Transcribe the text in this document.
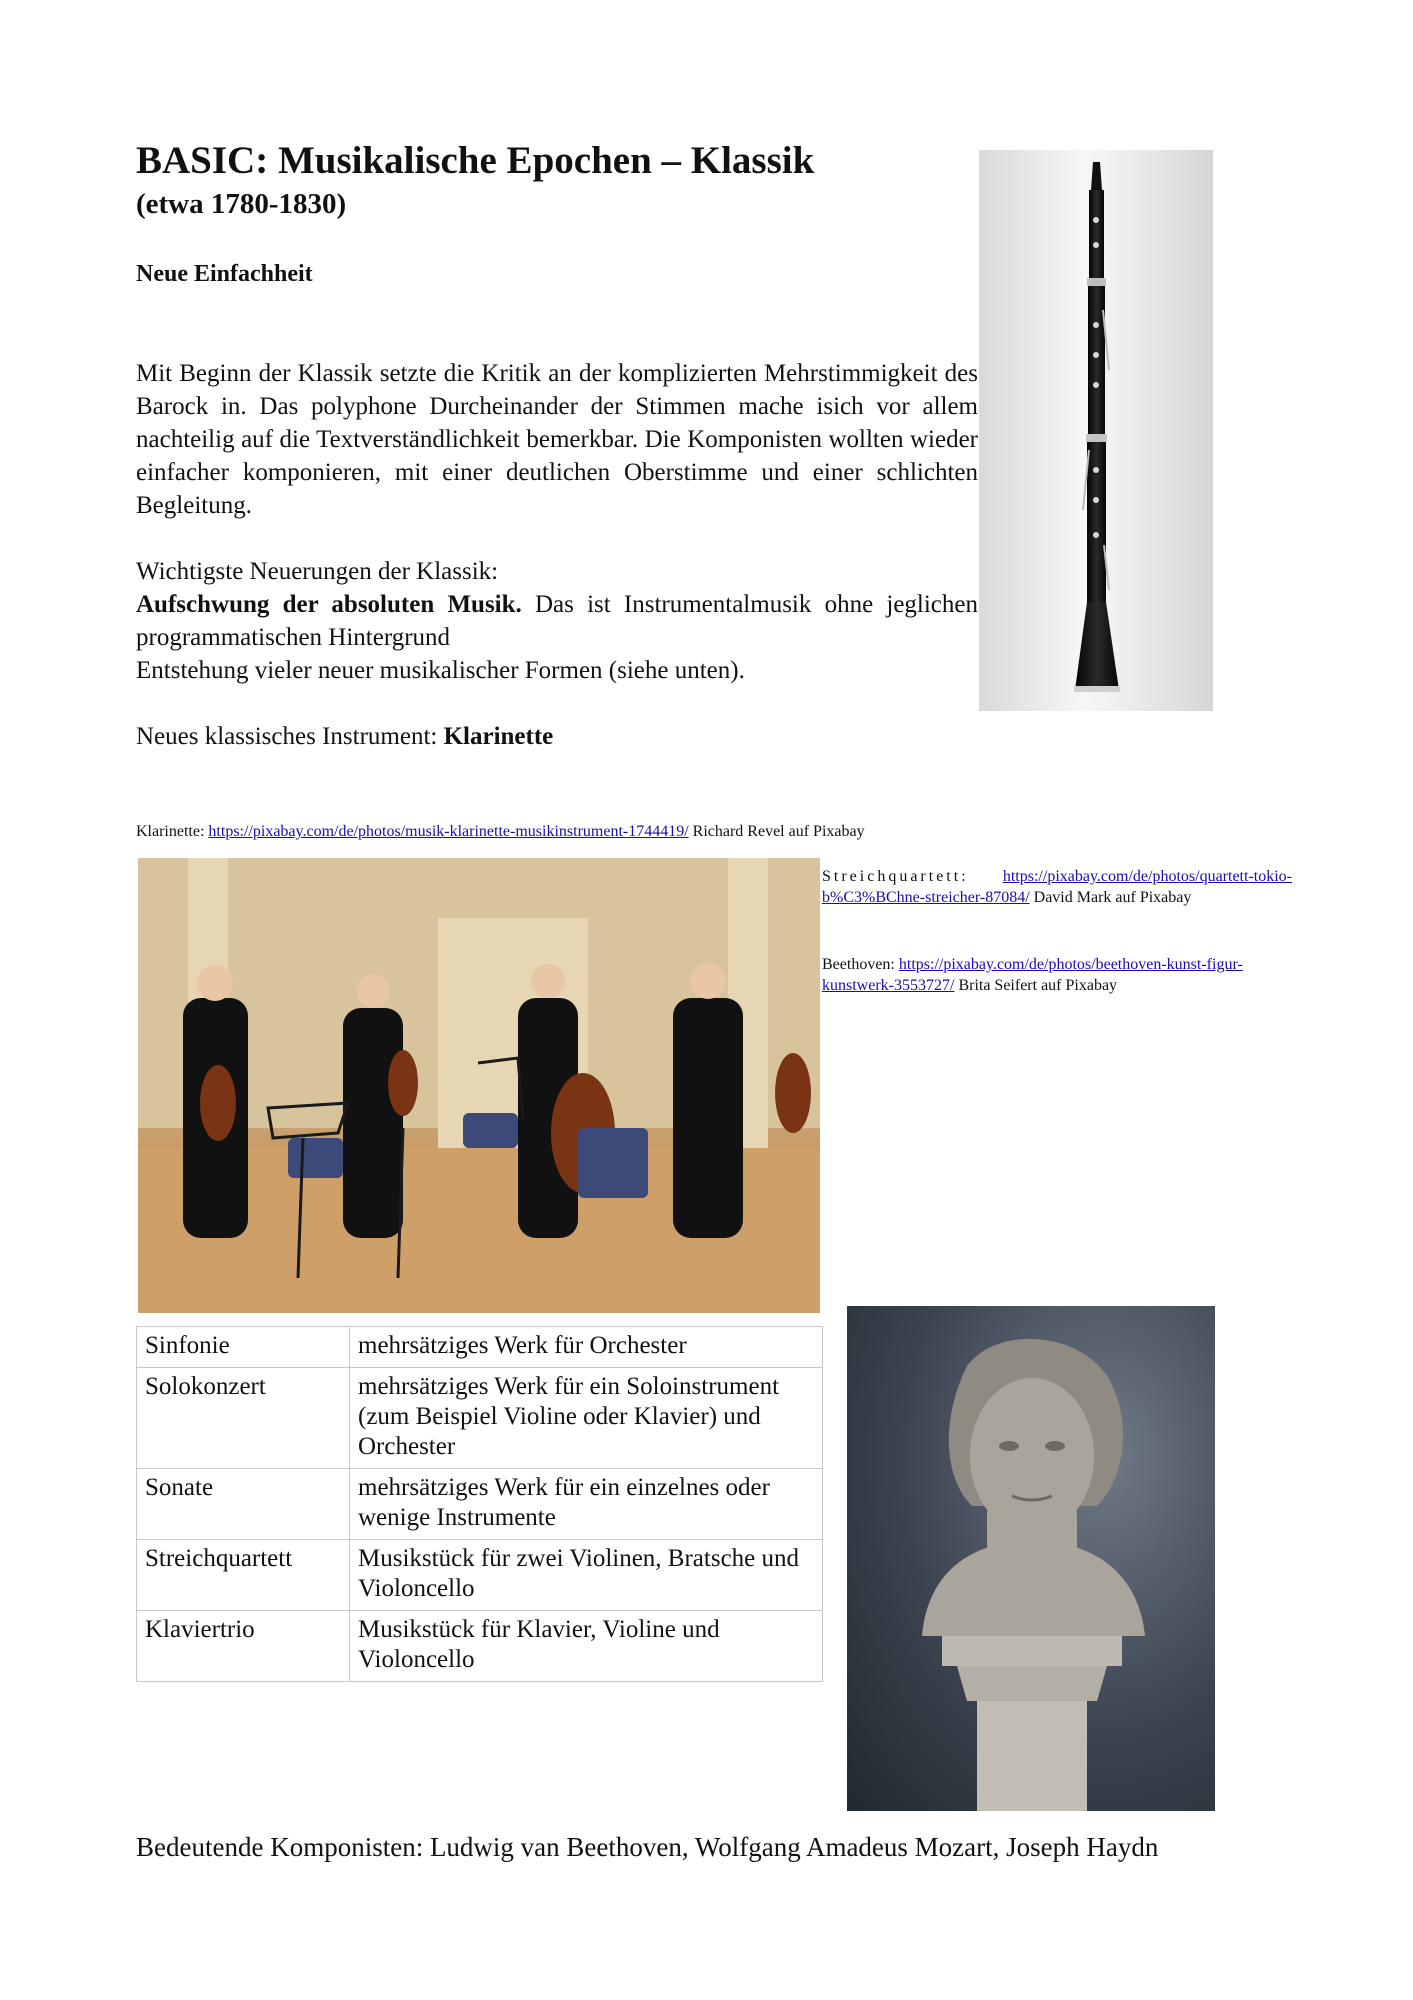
BASIC: Musikalische Epochen – Klassik
(etwa 1780-1830)
Neue Einfachheit

Mit Beginn der Klassik setzte die Kritik an der komplizierten Mehrstimmigkeit des Barock in. Das polyphone Durcheinander der Stimmen mache isich vor allem nachteilig auf die Textverständlichkeit bemerkbar. Die Komponisten wollten wieder einfacher komponieren, mit einer deutlichen Oberstimme und einer schlichten Begleitung.

Wichtigste Neuerungen der Klassik:

Aufschwung der absoluten Musik. Das ist Instrumentalmusik ohne jeglichen programmatischen Hintergrund

Entstehung vieler neuer musikalischer Formen (siehe unten).

Neues klassisches Instrument: Klarinette

Klarinette: https://pixabay.com/de/photos/musik-klarinette-musikinstrument-1744419/ Richard Revel auf Pixabay
Streichquartett: https://pixabay.com/de/photos/quartett-tokio-b%C3%BChne-streicher-87084/ David Mark auf Pixabay
Beethoven: https://pixabay.com/de/photos/beethoven-kunst-figur-kunstwerk-3553727/ Brita Seifert auf Pixabay
Sinfonie	mehrsätziges Werk für Orchester
Solokonzert	mehrsätziges Werk für ein Soloinstrument (zum Beispiel Violine oder Klavier) und Orchester
Sonate	mehrsätziges Werk für ein einzelnes oder wenige Instrumente
Streichquartett	Musikstück für zwei Violinen, Bratsche und Violoncello
Klaviertrio	Musikstück für Klavier, Violine und Violoncello
Bedeutende Komponisten: Ludwig van Beethoven, Wolfgang Amadeus Mozart, Joseph Haydn
